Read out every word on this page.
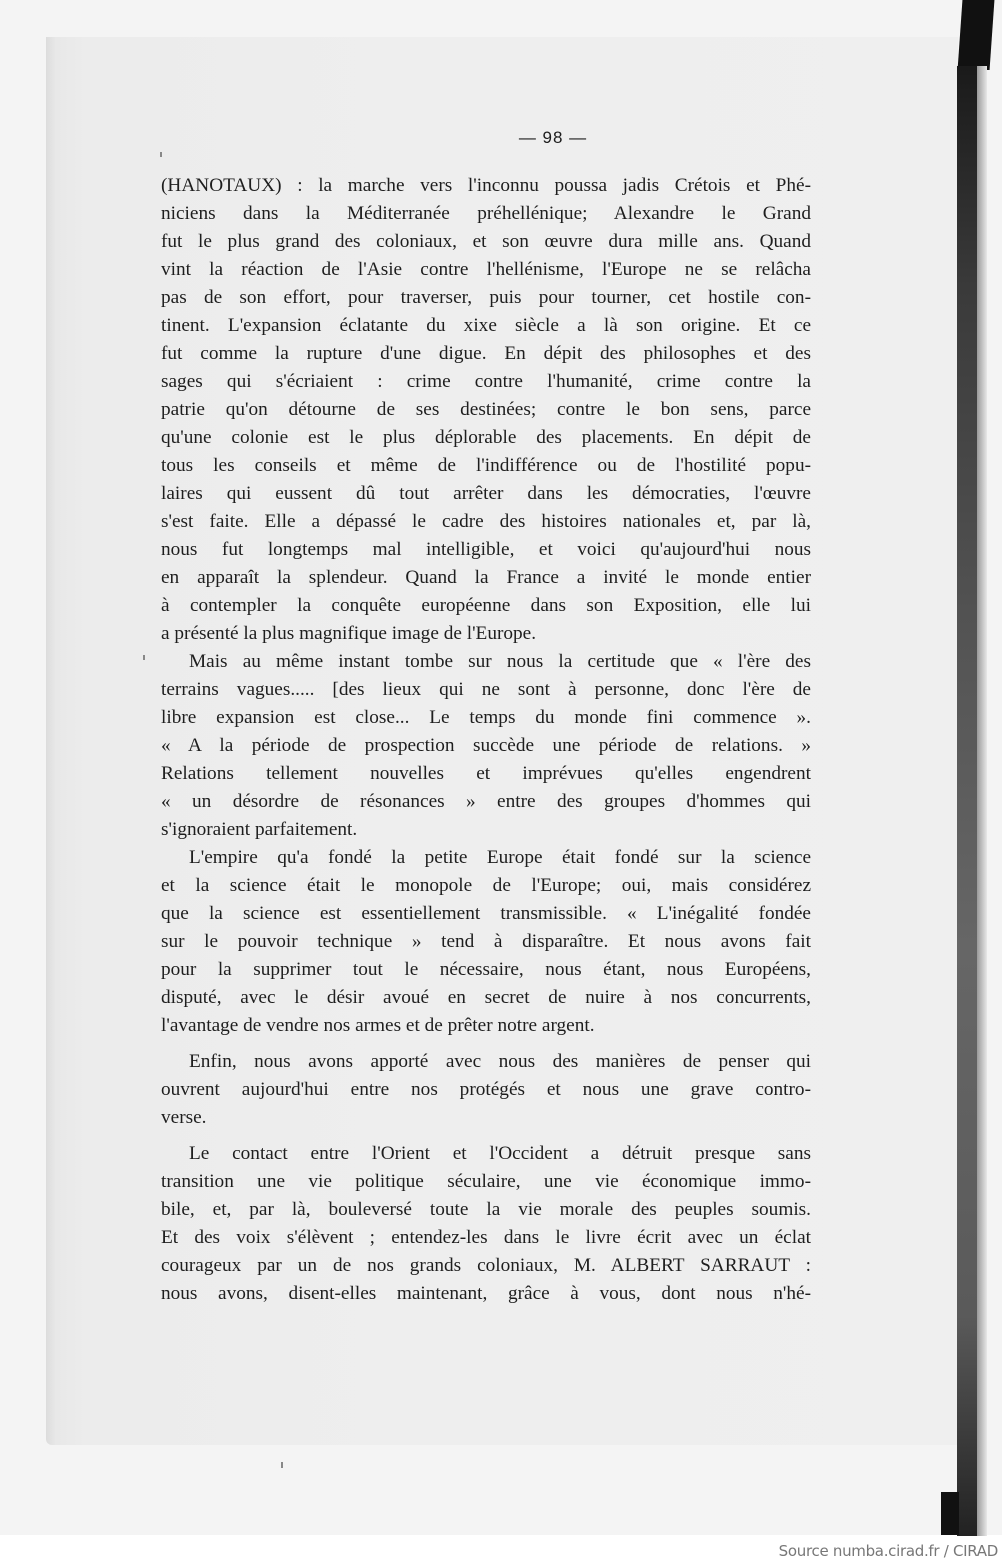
— 98 —
(HANOTAUX) : la marche vers l'inconnu poussa jadis Crétois et Phé-
niciens dans la Méditerranée préhellénique; Alexandre le Grand
fut le plus grand des coloniaux, et son œuvre dura mille ans. Quand
vint la réaction de l'Asie contre l'hellénisme, l'Europe ne se relâcha
pas de son effort, pour traverser, puis pour tourner, cet hostile con-
tinent. L'expansion éclatante du xixe siècle a là son origine. Et ce
fut comme la rupture d'une digue. En dépit des philosophes et des
sages qui s'écriaient : crime contre l'humanité, crime contre la
patrie qu'on détourne de ses destinées; contre le bon sens, parce
qu'une colonie est le plus déplorable des placements. En dépit de
tous les conseils et même de l'indifférence ou de l'hostilité popu-
laires qui eussent dû tout arrêter dans les démocraties, l'œuvre
s'est faite. Elle a dépassé le cadre des histoires nationales et, par là,
nous fut longtemps mal intelligible, et voici qu'aujourd'hui nous
en apparaît la splendeur. Quand la France a invité le monde entier
à contempler la conquête européenne dans son Exposition, elle lui
a présenté la plus magnifique image de l'Europe.
Mais au même instant tombe sur nous la certitude que « l'ère des
terrains vagues..... [des lieux qui ne sont à personne, donc l'ère de
libre expansion est close... Le temps du monde fini commence ».
« A la période de prospection succède une période de relations. »
Relations tellement nouvelles et imprévues qu'elles engendrent
« un désordre de résonances » entre des groupes d'hommes qui
s'ignoraient parfaitement.
L'empire qu'a fondé la petite Europe était fondé sur la science
et la science était le monopole de l'Europe; oui, mais considérez
que la science est essentiellement transmissible. « L'inégalité fondée
sur le pouvoir technique » tend à disparaître. Et nous avons fait
pour la supprimer tout le nécessaire, nous étant, nous Européens,
disputé, avec le désir avoué en secret de nuire à nos concurrents,
l'avantage de vendre nos armes et de prêter notre argent.
Enfin, nous avons apporté avec nous des manières de penser qui
ouvrent aujourd'hui entre nos protégés et nous une grave contro-
verse.
Le contact entre l'Orient et l'Occident a détruit presque sans
transition une vie politique séculaire, une vie économique immo-
bile, et, par là, bouleversé toute la vie morale des peuples soumis.
Et des voix s'élèvent ; entendez-les dans le livre écrit avec un éclat
courageux par un de nos grands coloniaux, M. ALBERT SARRAUT :
nous avons, disent-elles maintenant, grâce à vous, dont nous n'hé-
Source numba.cirad.fr / CIRAD
